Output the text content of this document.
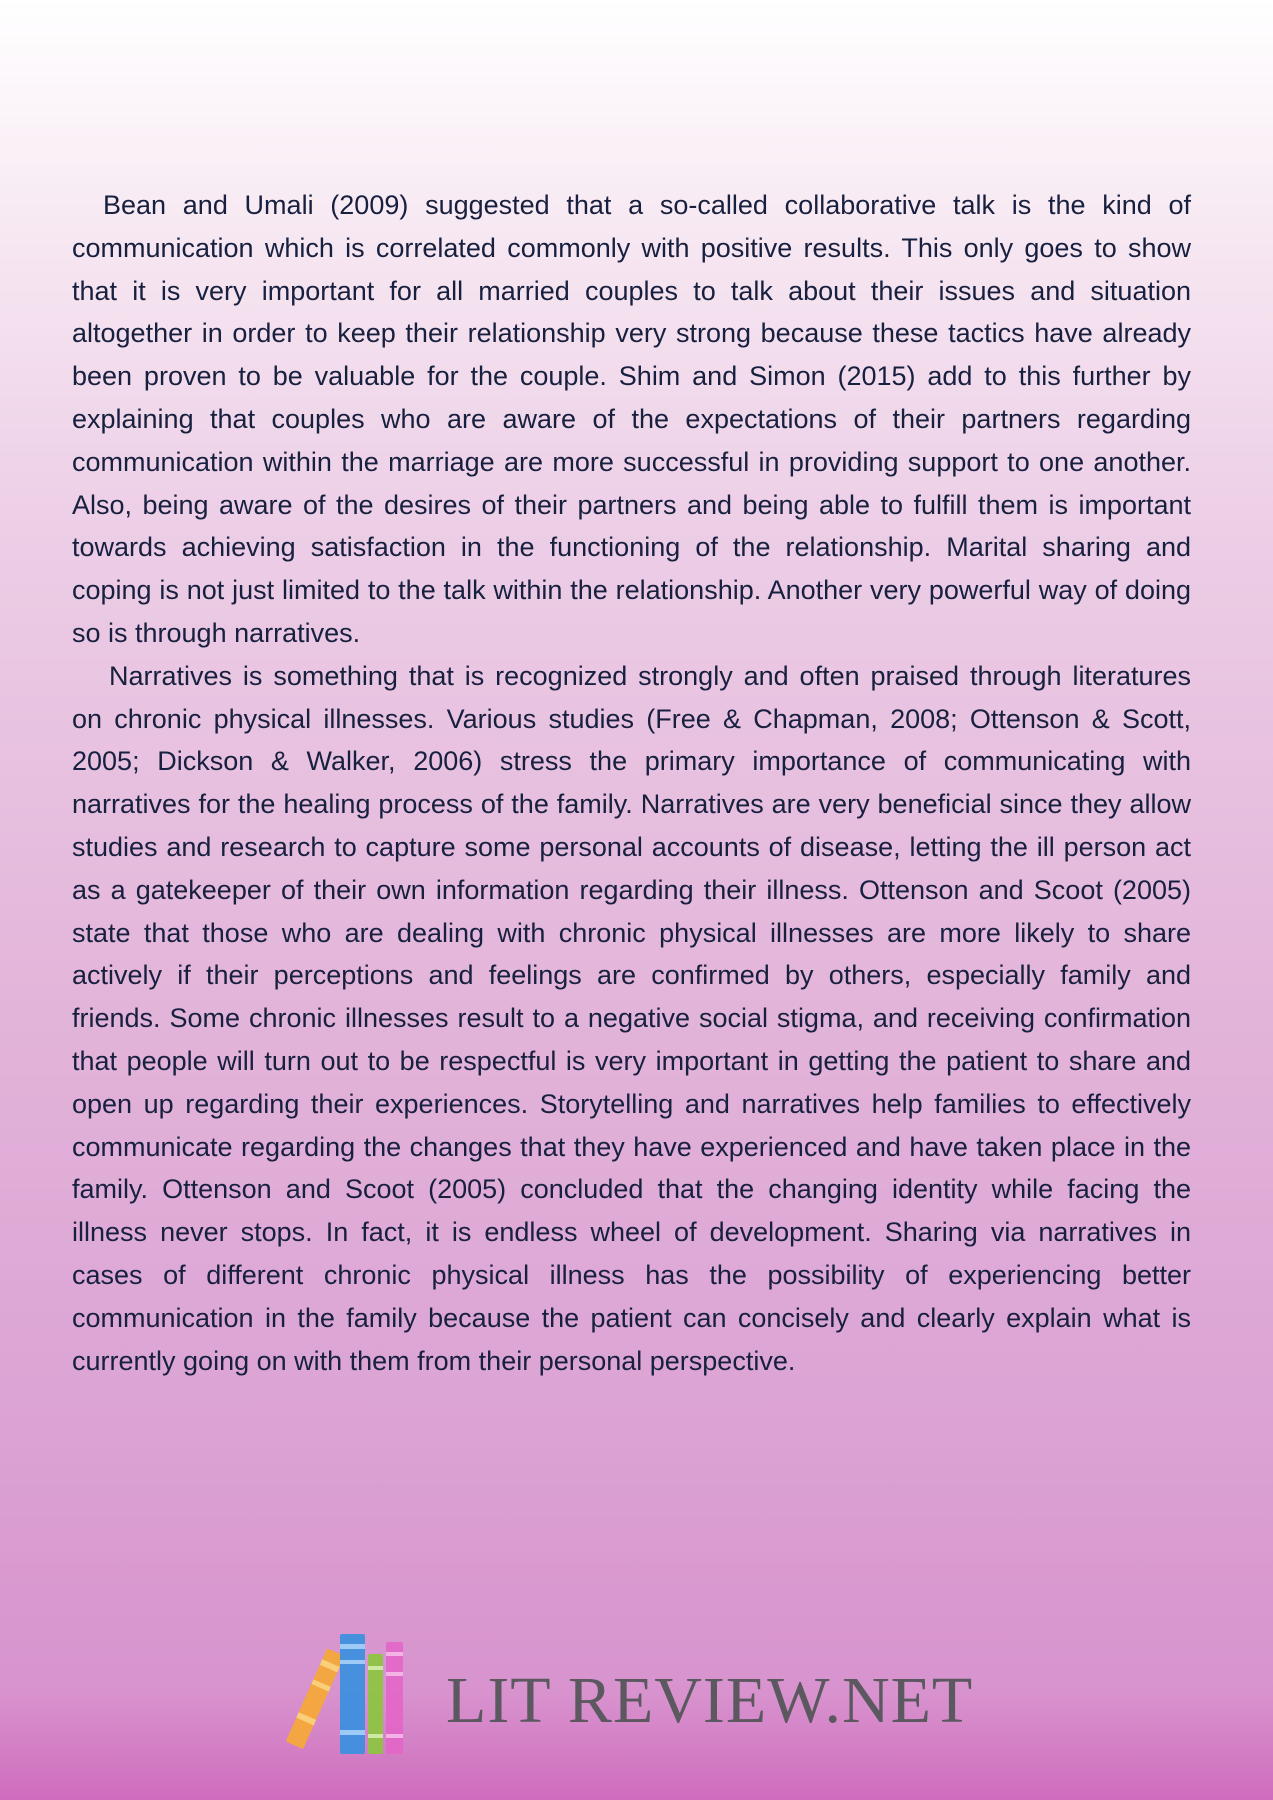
Bean and Umali (2009) suggested that a so-called collaborative talk is the kind of communication which is correlated commonly with positive results. This only goes to show that it is very important for all married couples to talk about their issues and situation altogether in order to keep their relationship very strong because these tactics have already been proven to be valuable for the couple. Shim and Simon (2015) add to this further by explaining that couples who are aware of the expectations of their partners regarding communication within the marriage are more successful in providing support to one another. Also, being aware of the desires of their partners and being able to fulfill them is important towards achieving satisfaction in the functioning of the relationship. Marital sharing and coping is not just limited to the talk within the relationship. Another very powerful way of doing so is through narratives.

Narratives is something that is recognized strongly and often praised through literatures on chronic physical illnesses. Various studies (Free & Chapman, 2008; Ottenson & Scott, 2005; Dickson & Walker, 2006) stress the primary importance of communicating with narratives for the healing process of the family. Narratives are very beneficial since they allow studies and research to capture some personal accounts of disease, letting the ill person act as a gatekeeper of their own information regarding their illness. Ottenson and Scoot (2005) state that those who are dealing with chronic physical illnesses are more likely to share actively if their perceptions and feelings are confirmed by others, especially family and friends. Some chronic illnesses result to a negative social stigma, and receiving confirmation that people will turn out to be respectful is very important in getting the patient to share and open up regarding their experiences. Storytelling and narratives help families to effectively communicate regarding the changes that they have experienced and have taken place in the family. Ottenson and Scoot (2005) concluded that the changing identity while facing the illness never stops. In fact, it is endless wheel of development. Sharing via narratives in cases of different chronic physical illness has the possibility of experiencing better communication in the family because the patient can concisely and clearly explain what is currently going on with them from their personal perspective.

LIT REVIEW.NET
